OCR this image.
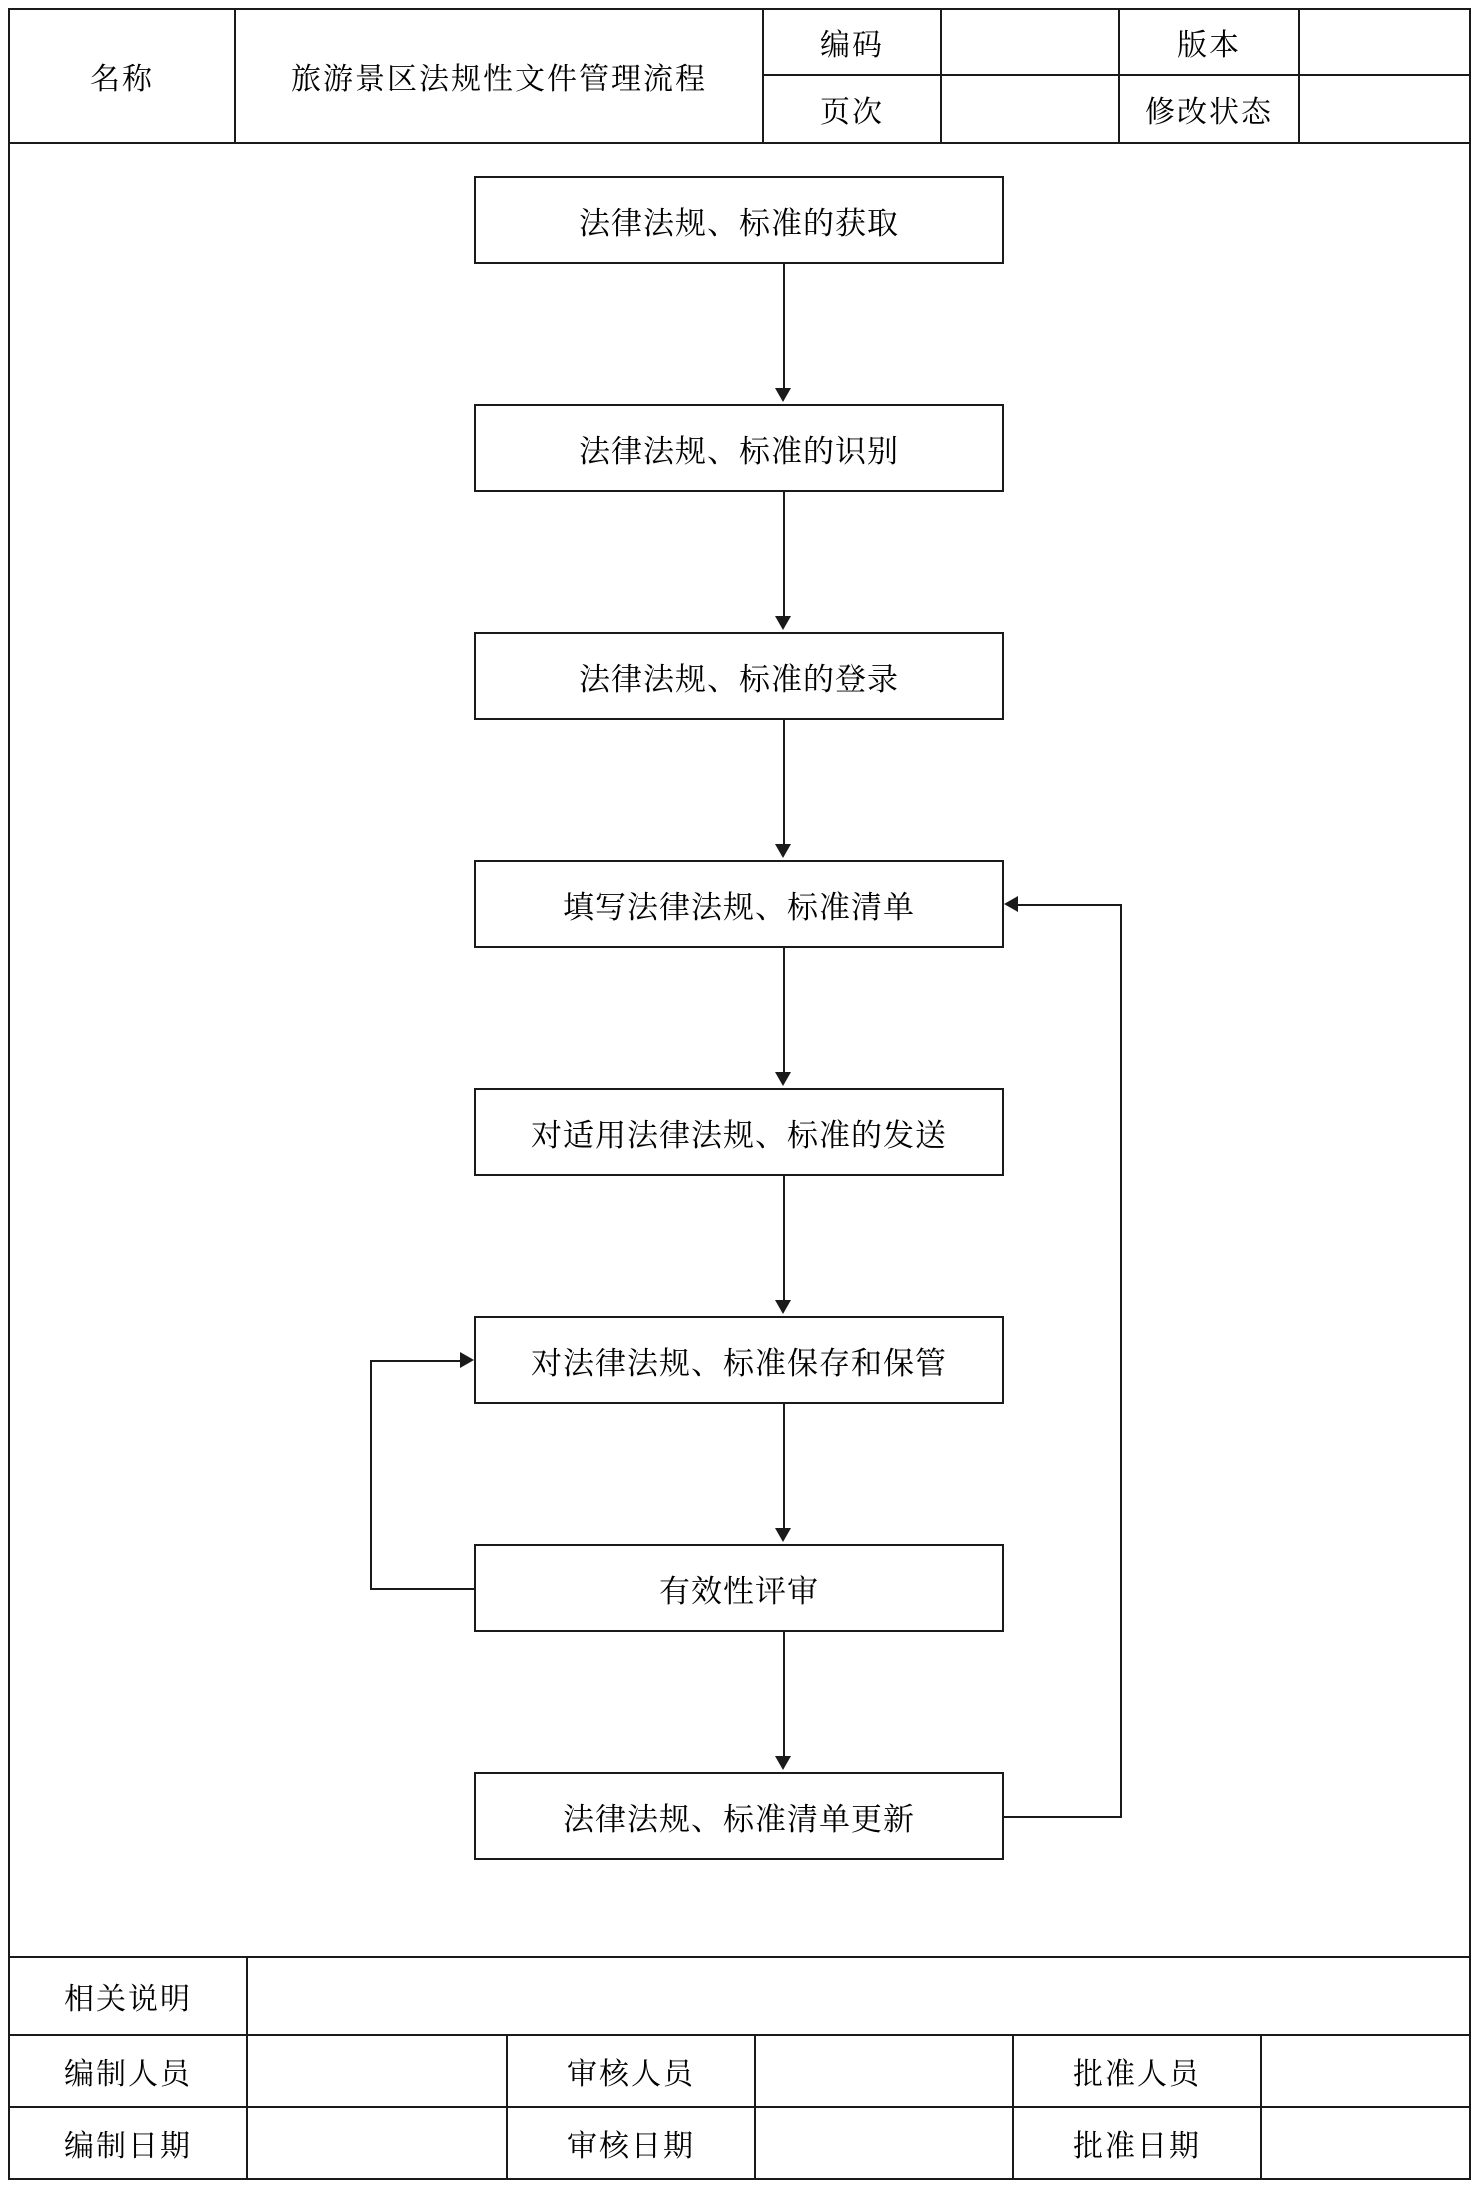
名称	旅游景区法规性文件管理流程
编码	版本
页次	修改状态
法律法规、标准的获取
法律法规、标准的识别
法律法规、标准的登录
填写法律法规、标准清单
对适用法律法规、标准的发送
对法律法规、标准保存和保管
有效性评审
法律法规、标准清单更新
相关说明
编制人员	审核人员	批准人员
编制日期	审核日期	批准日期
